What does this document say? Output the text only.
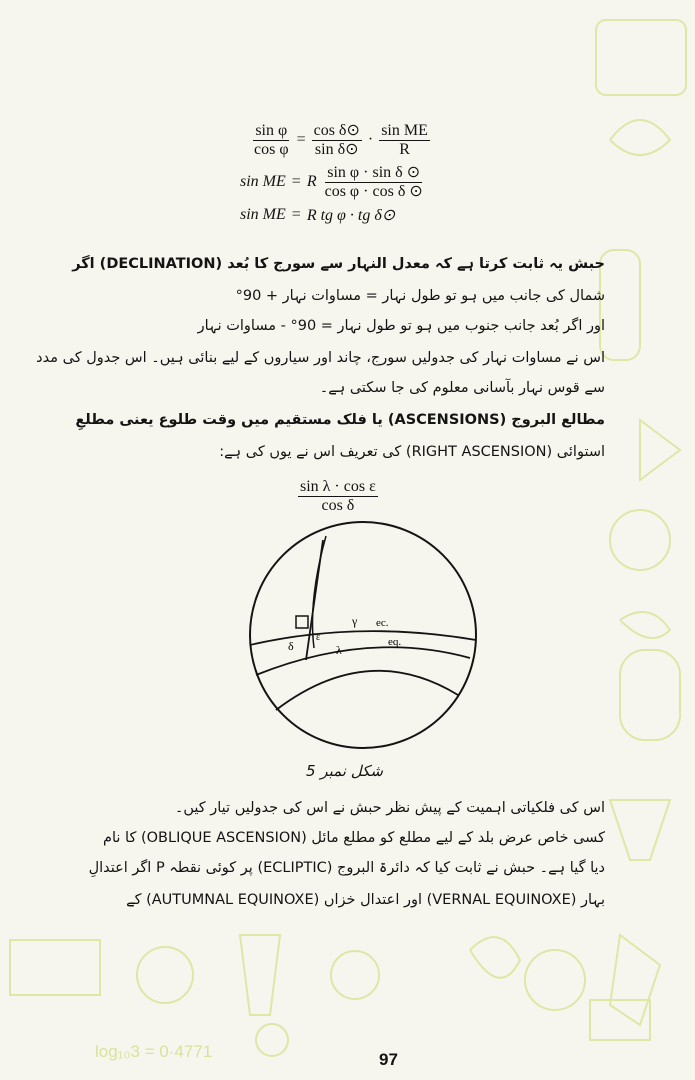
log₁₀3 = 0·4771
$\frac{\text{sin φ}}{\text{cos φ}} = \frac{\text{cos δ⊙}}{\text{sin δ⊙}} \cdot \frac{\text{sin ME}}{R}$
sin ME = R $\frac{\text{sin φ · sin δ ⊙}}{\text{cos φ · cos δ ⊙}}$
sin ME = R tg φ · tg δ⊙
حبش یہ ثابت کرتا ہے کہ معدل النہار سے سورج کا بُعد (DECLINATION) اگر
شمال کی جانب میں ہو تو طول نہار = مساوات نہار + 90°
اور اگر بُعد جانب جنوب میں ہو تو طول نہار = 90° - مساوات نہار
اس نے مساوات نہار کی جدولیں سورج، چاند اور سیاروں کے لیے بنائی ہیں۔ اس جدول کی مدد
سے قوس نہار بآسانی معلوم کی جا سکتی ہے۔
مطالع البروج (ASCENSIONS) یا فلک مستقیم میں وقت طلوع یعنی مطلعِ
استوائی (RIGHT ASCENSION) کی تعریف اس نے یوں کی ہے:
$\frac{\text{sin λ · cos ε}}{\text{cos δ}}$
γ ec.
eq.
δ
ε
λ
شکل نمبر 5
اس کی فلکیاتی اہمیت کے پیش نظر حبش نے اس کی جدولیں تیار کیں۔
کسی خاص عرض بلد کے لیے مطلع کو مطلع مائل (OBLIQUE ASCENSION) کا نام
دیا گیا ہے۔ حبش نے ثابت کیا کہ دائرۃ البروج (ECLIPTIC) پر کوئی نقطہ P اگر اعتدالِ
بہار (VERNAL EQUINOXE) اور اعتدال خزاں (AUTUMNAL EQUINOXE) کے
97
